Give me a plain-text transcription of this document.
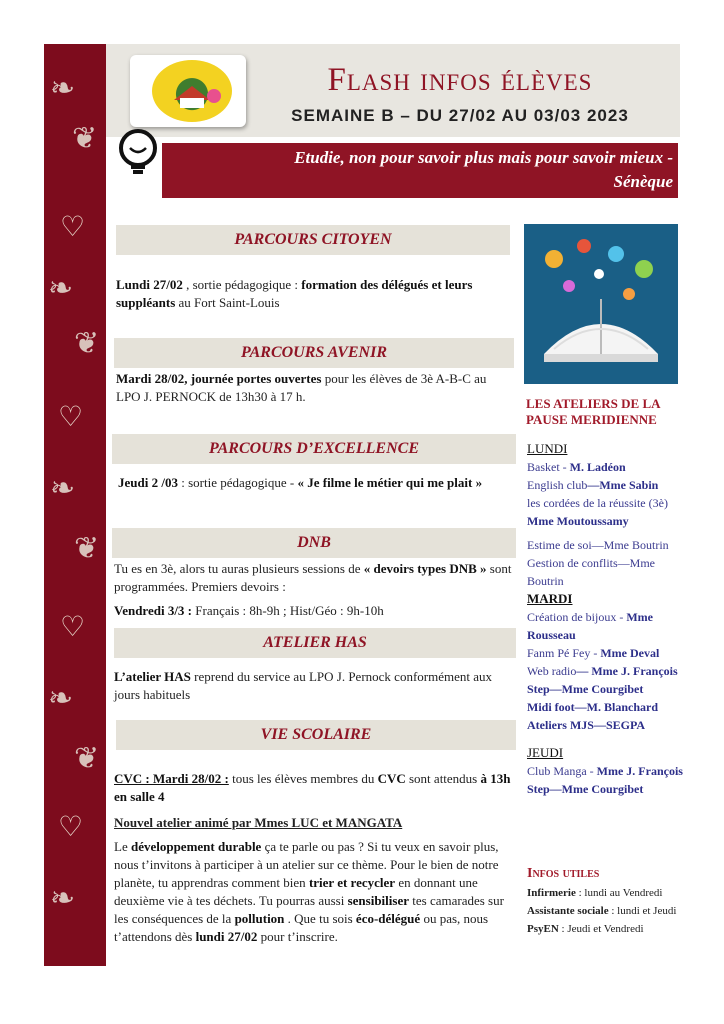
❧
❦
♡
❧
❦
♡
❧
❦
♡
❧
❦
♡
❧
Flash infos élèves
SEMAINE B – DU 27/02 AU 03/03 2023
Etudie, non pour savoir plus mais pour savoir mieux -
Sénèque
PARCOURS CITOYEN
Lundi 27/02 , sortie pédagogique : formation des délégués et leurs suppléants au Fort Saint-Louis
PARCOURS AVENIR
Mardi 28/02, journée portes ouvertes pour les élèves de 3è A-B-C au LPO J. PERNOCK de 13h30 à 17 h.
PARCOURS D’EXCELLENCE
Jeudi 2 /03 : sortie pédagogique - « Je filme le métier qui me plait »
DNB
Tu es en 3è, alors tu auras plusieurs sessions de « devoirs types DNB » sont programmées. Premiers devoirs :
Vendredi 3/3 : Français : 8h-9h ; Hist/Géo : 9h-10h
ATELIER HAS
L’atelier HAS reprend du service au LPO J. Pernock conformément aux jours habituels
VIE SCOLAIRE
CVC : Mardi 28/02 : tous les élèves membres du CVC sont attendus à 13h en salle 4
Nouvel atelier animé par Mmes LUC et MANGATA
Le développement durable ça te parle ou pas ? Si tu veux en savoir plus, nous t’invitons à participer à un atelier sur ce thème. Pour le bien de notre planète, tu apprendras comment bien trier et recycler en donnant une deuxième vie à tes déchets. Tu pourras aussi sensibiliser tes camarades sur les conséquences de la pollution . Que tu sois éco-délégué ou pas, nous t’attendons dès lundi 27/02 pour t’inscrire.
LES ATELIERS DE LA PAUSE MERIDIENNE
LUNDI
Basket - M. Ladéon
English club—Mme Sabin
les cordées de la réussite (3è)
Mme Moutoussamy
Estime de soi—Mme Boutrin
Gestion de conflits—Mme Boutrin
MARDI
Création de bijoux - Mme Rousseau
Fanm Pé Fey - Mme Deval
Web radio— Mme J. François Step—Mme Courgibet
Midi foot—M. Blanchard
Ateliers MJS—SEGPA
JEUDI
Club Manga - Mme J. François Step—Mme Courgibet
Infos utiles
Infirmerie : lundi au Vendredi
Assistante sociale : lundi et Jeudi
PsyEN : Jeudi et Vendredi
